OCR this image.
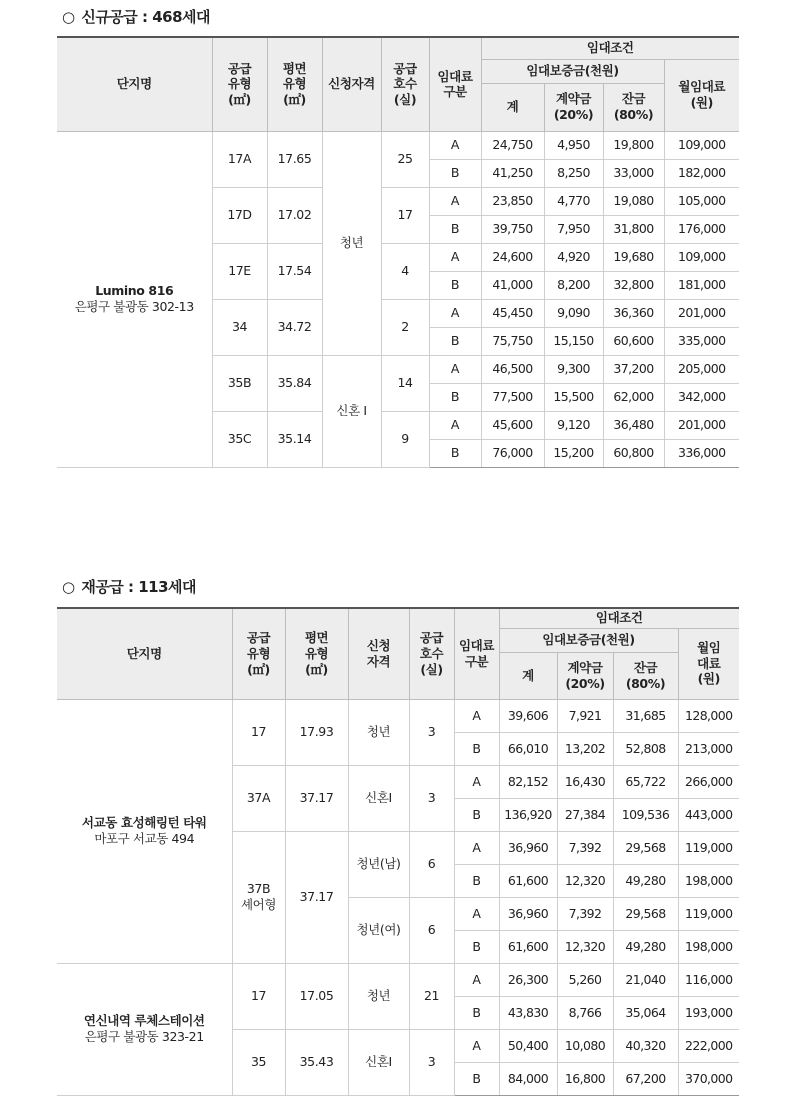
○ 신규공급 : 468세대
단지명	공급
유형
(㎡)	평면
유형
(㎡)	신청자격	공급
호수
(실)	임대료
구분	임대조건			
						임대보증금(천원)			월임대료
(원)

						계	계약금
(20%)	잔금
(80%)	

Lumino 816
은평구 불광동 302-13	17A	17.65	청년	25	A	24,750	4,950	19,800	109,000
					B	41,250	8,250	33,000	182,000
	17D	17.02		17	A	23,850	4,770	19,080	105,000
					B	39,750	7,950	31,800	176,000
	17E	17.54		4	A	24,600	4,920	19,680	109,000
					B	41,000	8,200	32,800	181,000
	34	34.72		2	A	45,450	9,090	36,360	201,000
					B	75,750	15,150	60,600	335,000
	35B	35.84	신혼 Ⅰ	14	A	46,500	9,300	37,200	205,000
					B	77,500	15,500	62,000	342,000
	35C	35.14		9	A	45,600	9,120	36,480	201,000
					B	76,000	15,200	60,800	336,000
○ 재공급 : 113세대
단지명	공급
유형
(㎡)	평면
유형
(㎡)	신청
자격	공급
호수
(실)	임대료
구분	임대조건			
						임대보증금(천원)			월임
대료
(원)

						계	계약금
(20%)	잔금
(80%)	

서교동 효성해링턴 타워
마포구 서교동 494	17	17.93	청년	3	A	39,606	7,921	31,685	128,000
					B	66,010	13,202	52,808	213,000
	37A	37.17	신혼Ⅰ	3	A	82,152	16,430	65,722	266,000
					B	136,920	27,384	109,536	443,000

	37B
셰어형	37.17	청년(남)	6	A	36,960	7,392	29,568	119,000
					B	61,600	12,320	49,280	198,000
			청년(여)	6	A	36,960	7,392	29,568	119,000
					B	61,600	12,320	49,280	198,000

연신내역 루체스테이션
은평구 불광동 323-21	17	17.05	청년	21	A	26,300	5,260	21,040	116,000
					B	43,830	8,766	35,064	193,000
	35	35.43	신혼Ⅰ	3	A	50,400	10,080	40,320	222,000
					B	84,000	16,800	67,200	370,000
